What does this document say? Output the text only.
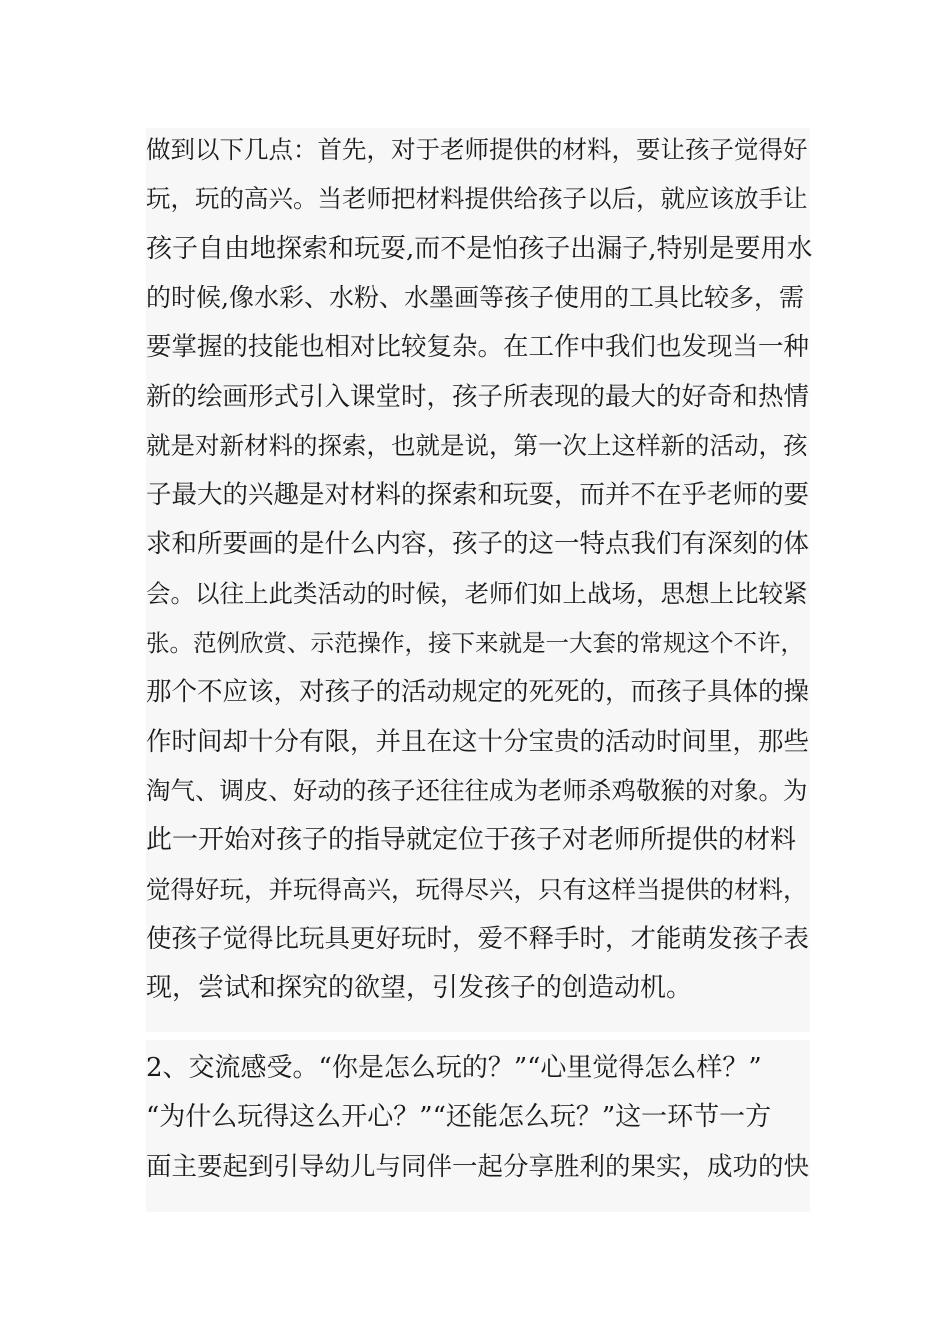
做到以下几点：首先，对于老师提供的材料，要让孩子觉得好
玩，玩的高兴。当老师把材料提供给孩子以后，就应该放手让
孩子自由地探索和玩耍,而不是怕孩子出漏子,特别是要用水
的时候,像水彩、水粉、水墨画等孩子使用的工具比较多，需
要掌握的技能也相对比较复杂。在工作中我们也发现当一种
新的绘画形式引入课堂时，孩子所表现的最大的好奇和热情
就是对新材料的探索，也就是说，第一次上这样新的活动，孩
子最大的兴趣是对材料的探索和玩耍，而并不在乎老师的要
求和所要画的是什么内容，孩子的这一特点我们有深刻的体
会。以往上此类活动的时候，老师们如上战场，思想上比较紧
张。范例欣赏、示范操作，接下来就是一大套的常规这个不许，
那个不应该，对孩子的活动规定的死死的，而孩子具体的操
作时间却十分有限，并且在这十分宝贵的活动时间里，那些
淘气、调皮、好动的孩子还往往成为老师杀鸡敬猴的对象。为
此一开始对孩子的指导就定位于孩子对老师所提供的材料
觉得好玩，并玩得高兴，玩得尽兴，只有这样当提供的材料，
使孩子觉得比玩具更好玩时，爱不释手时，才能萌发孩子表
现，尝试和探究的欲望，引发孩子的创造动机。
2、交流感受。“你是怎么玩的？”“心里觉得怎么样？”
“为什么玩得这么开心？”“还能怎么玩？”这一环节一方
面主要起到引导幼儿与同伴一起分享胜利的果实，成功的快
